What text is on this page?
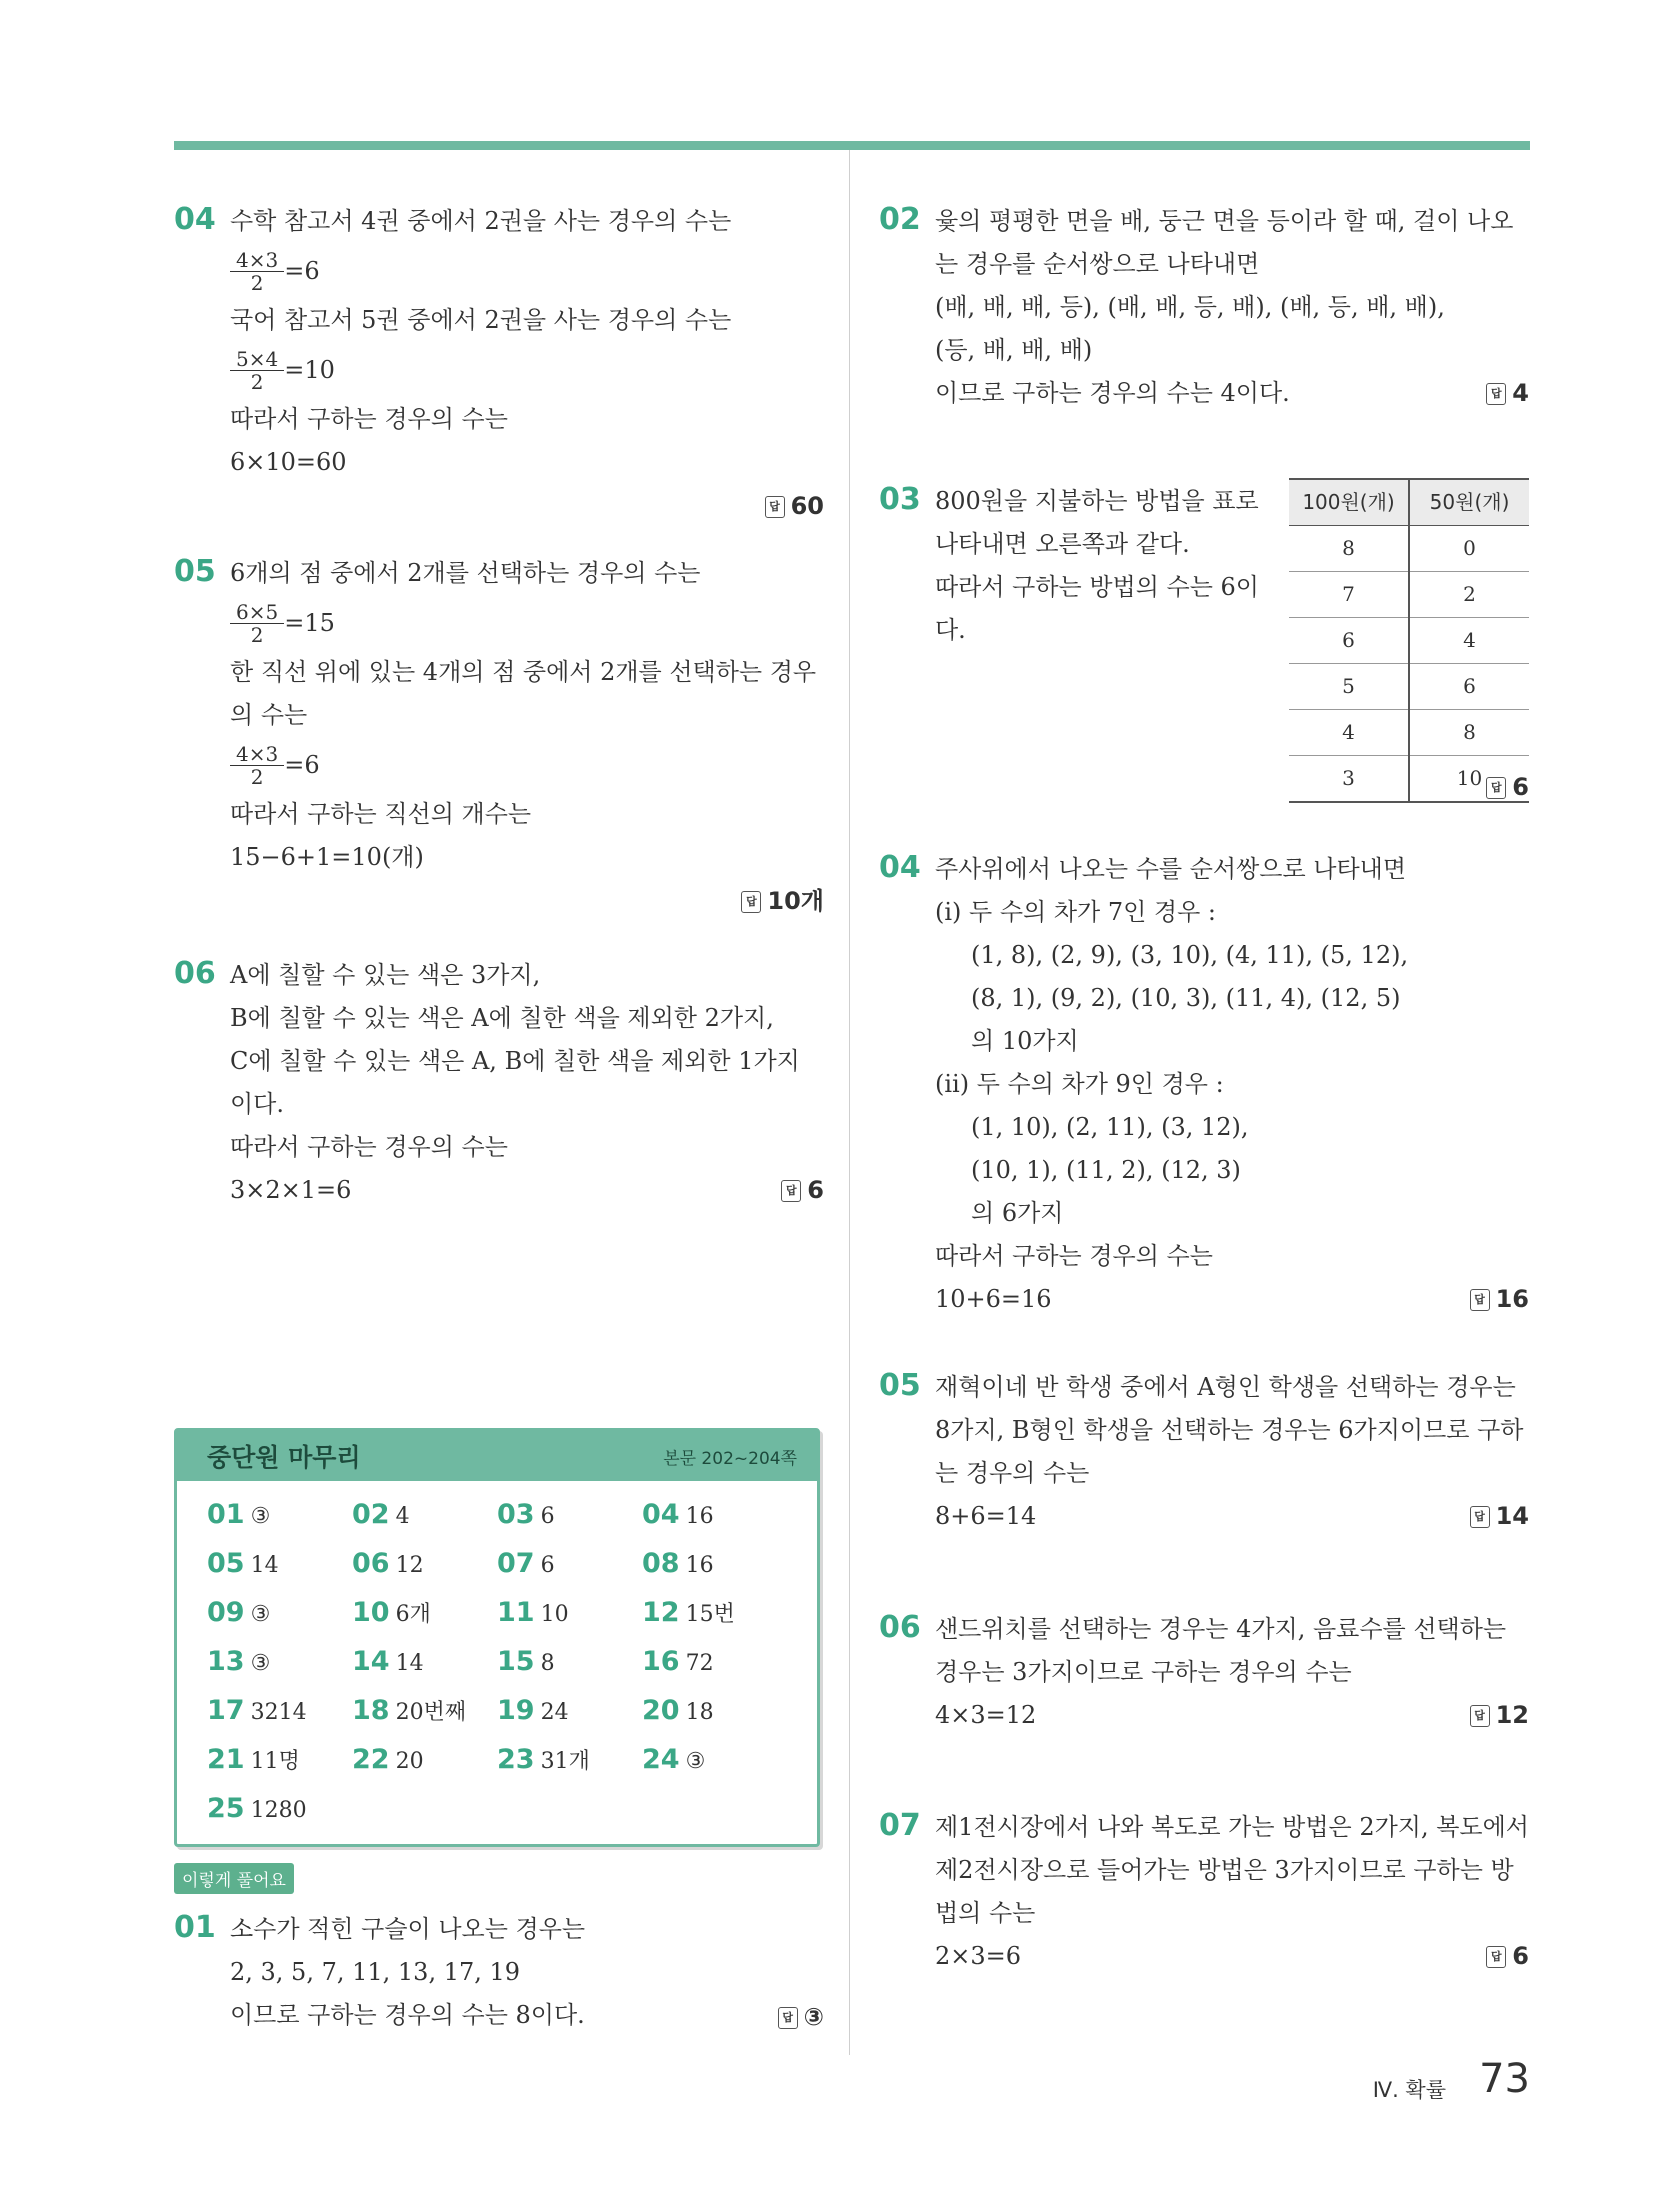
04 수학 참고서 4권 중에서 2권을 사는 경우의 수는
$\frac{4\times 3}{2} =6$
국어 참고서 5권 중에서 2권을 사는 경우의 수는
$\frac{5\times 4}{2} =10$
따라서 구하는 경우의 수는
6×10=60
답 60
05 6개의 점 중에서 2개를 선택하는 경우의 수는
$\frac{6\times 5}{2} =15$
한 직선 위에 있는 4개의 점 중에서 2개를 선택하는 경우
의 수는
$\frac{4\times 3}{2} =6$
따라서 구하는 직선의 개수는
15−6+1=10(개)
답 10개
06 A에 칠할 수 있는 색은 3가지,
B에 칠할 수 있는 색은 A에 칠한 색을 제외한 2가지,
C에 칠할 수 있는 색은 A, B에 칠한 색을 제외한 1가지
이다.
따라서 구하는 경우의 수는
3×2×1=6	답 6
중단원 마무리	본문 202~204쪽
01 ③	02 4	03 6	04 16
05 14	06 12	07 6	08 16
09 ③	10 6개	11 10	12 15번
13 ③	14 14	15 8	16 72
17 3214	18 20번째	19 24	20 18
21 11명	22 20	23 31개	24 ③
25 1280
이렇게 풀어요
01 소수가 적힌 구슬이 나오는 경우는
2, 3, 5, 7, 11, 13, 17, 19
이므로 구하는 경우의 수는 8이다.	답 ③
02 윷의 평평한 면을 배, 둥근 면을 등이라 할 때, 걸이 나오
는 경우를 순서쌍으로 나타내면
(배, 배, 배, 등), (배, 배, 등, 배), (배, 등, 배, 배),
(등, 배, 배, 배)
이므로 구하는 경우의 수는 4이다.	답 4
03 800원을 지불하는 방법을 표로
나타내면 오른쪽과 같다.
따라서 구하는 방법의 수는 6이
다.
100원(개)	50원(개)
8	0
7	2
6	4
5	6
4	8
3	10 답 6
04 주사위에서 나오는 수를 순서쌍으로 나타내면
(ⅰ) 두 수의 차가 7인 경우 :
(1, 8), (2, 9), (3, 10), (4, 11), (5, 12),
(8, 1), (9, 2), (10, 3), (11, 4), (12, 5)
의 10가지
(ⅱ) 두 수의 차가 9인 경우 :
(1, 10), (2, 11), (3, 12),
(10, 1), (11, 2), (12, 3)
의 6가지
따라서 구하는 경우의 수는
10+6=16	답 16
05 재혁이네 반 학생 중에서 A형인 학생을 선택하는 경우는
8가지, B형인 학생을 선택하는 경우는 6가지이므로 구하
는 경우의 수는
8+6=14	답 14
06 샌드위치를 선택하는 경우는 4가지, 음료수를 선택하는
경우는 3가지이므로 구하는 경우의 수는
4×3=12	답 12
07 제1전시장에서 나와 복도로 가는 방법은 2가지, 복도에서
제2전시장으로 들어가는 방법은 3가지이므로 구하는 방
법의 수는
2×3=6	답 6
Ⅳ. 확률 73
